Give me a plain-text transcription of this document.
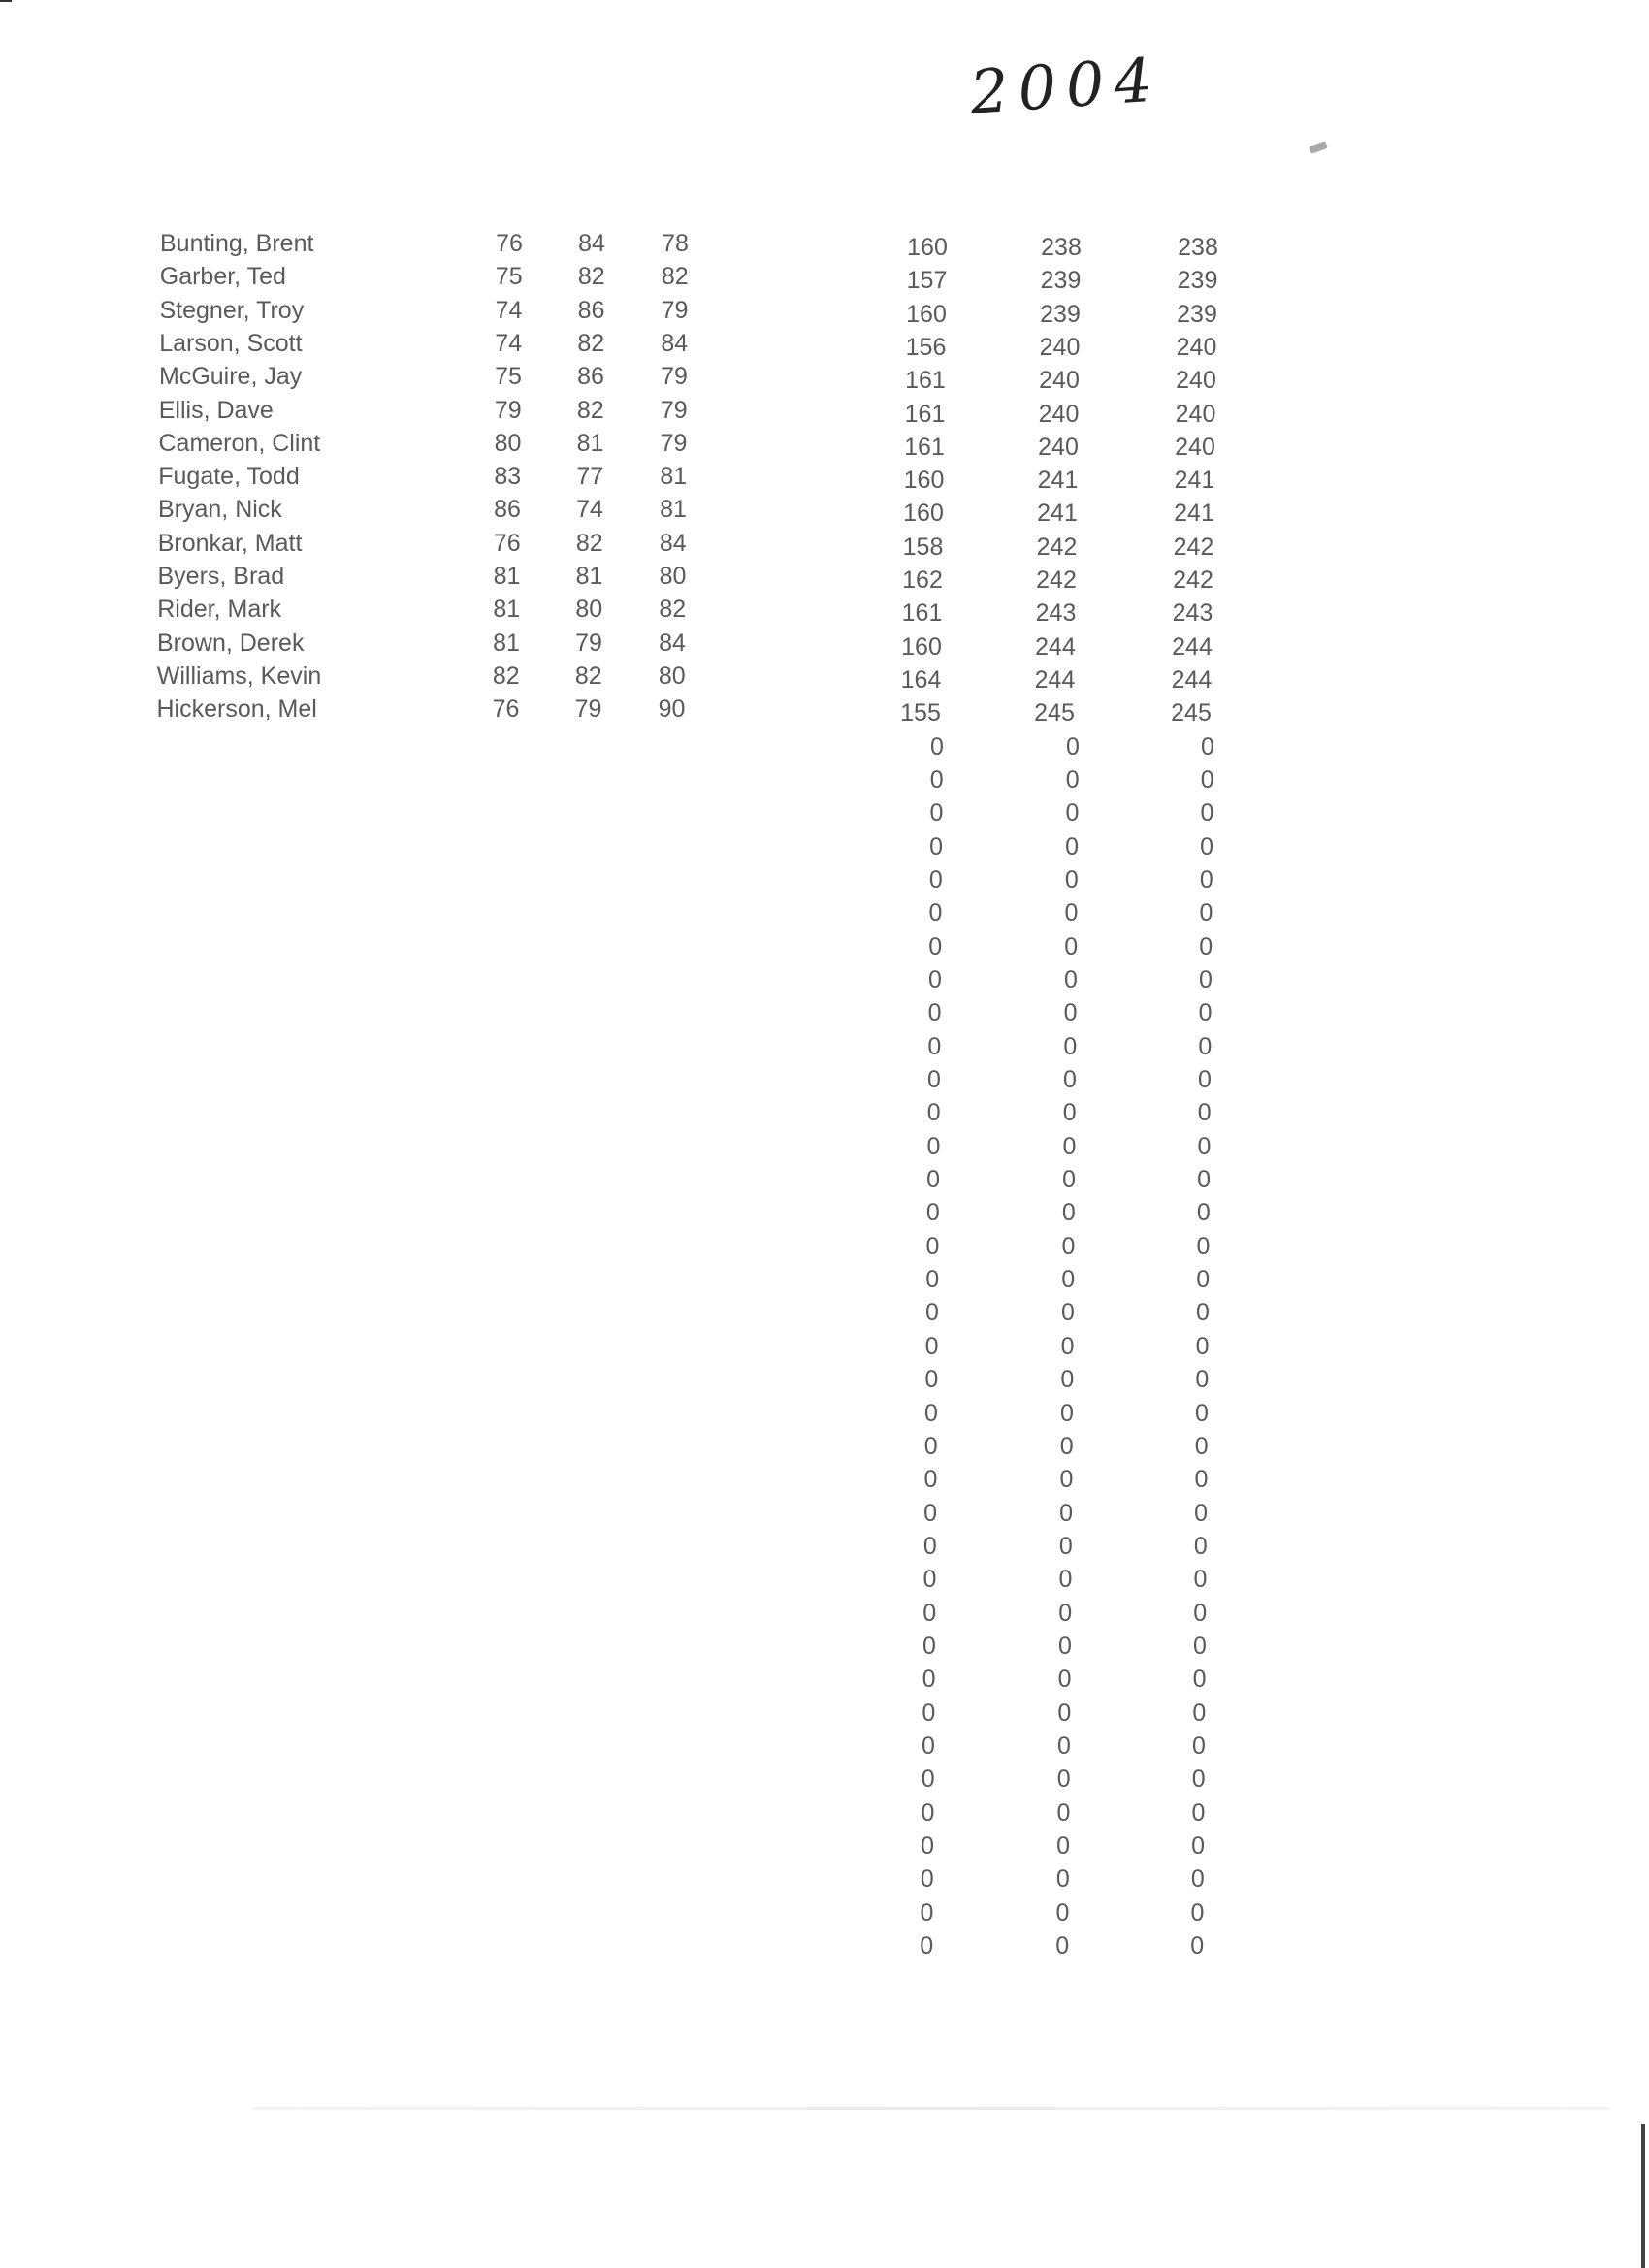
2004
Bunting, Brent	76	84	78	160	238	238
Garber, Ted	75	82	82	157	239	239
Stegner, Troy	74	86	79	160	239	239
Larson, Scott	74	82	84	156	240	240
McGuire, Jay	75	86	79	161	240	240
Ellis, Dave	79	82	79	161	240	240
Cameron, Clint	80	81	79	161	240	240
Fugate, Todd	83	77	81	160	241	241
Bryan, Nick	86	74	81	160	241	241
Bronkar, Matt	76	82	84	158	242	242
Byers, Brad	81	81	80	162	242	242
Rider, Mark	81	80	82	161	243	243
Brown, Derek	81	79	84	160	244	244
Williams, Kevin	82	82	80	164	244	244
Hickerson, Mel	76	79	90	155	245	245
0	0	0
0	0	0
0	0	0
0	0	0
0	0	0
0	0	0
0	0	0
0	0	0
0	0	0
0	0	0
0	0	0
0	0	0
0	0	0
0	0	0
0	0	0
0	0	0
0	0	0
0	0	0
0	0	0
0	0	0
0	0	0
0	0	0
0	0	0
0	0	0
0	0	0
0	0	0
0	0	0
0	0	0
0	0	0
0	0	0
0	0	0
0	0	0
0	0	0
0	0	0
0	0	0
0	0	0
0	0	0
